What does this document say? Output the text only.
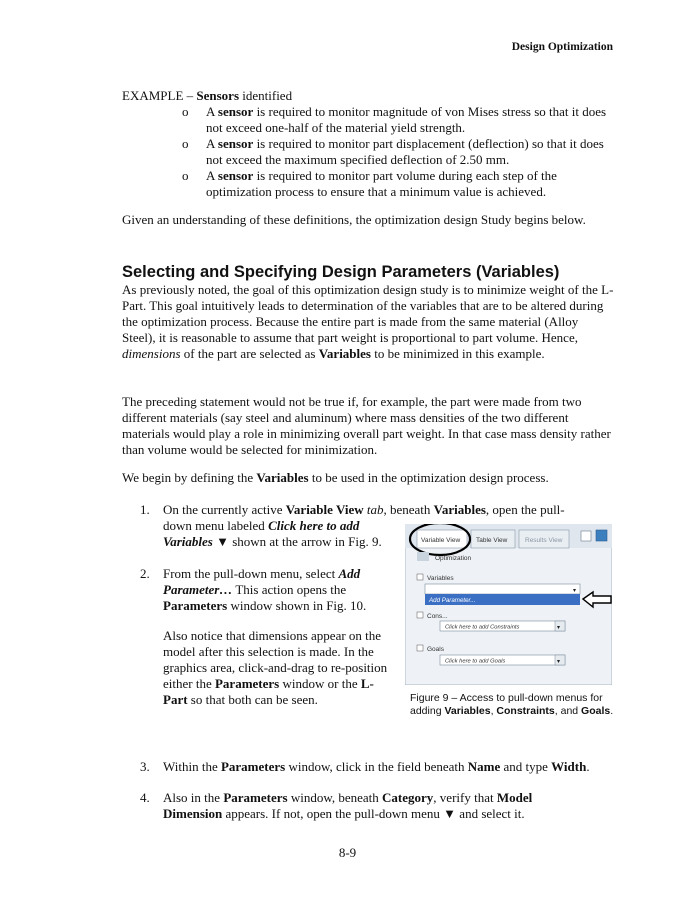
Design Optimization
EXAMPLE – Sensors identified
o A sensor is required to monitor magnitude of von Mises stress so that it does not exceed one-half of the material yield strength.
o A sensor is required to monitor part displacement (deflection) so that it does not exceed the maximum specified deflection of 2.50 mm.
o A sensor is required to monitor part volume during each step of the optimization process to ensure that a minimum value is achieved.
Given an understanding of these definitions, the optimization design Study begins below.
Selecting and Specifying Design Parameters (Variables)
As previously noted, the goal of this optimization design study is to minimize weight of the L-Part. This goal intuitively leads to determination of the variables that are to be altered during the optimization process. Because the entire part is made from the same material (Alloy Steel), it is reasonable to assume that part weight is proportional to part volume. Hence, dimensions of the part are selected as Variables to be minimized in this example.
The preceding statement would not be true if, for example, the part were made from two different materials (say steel and aluminum) where mass densities of the two different materials would play a role in minimizing overall part weight. In that case mass density rather than volume would be selected for minimization.
We begin by defining the Variables to be used in the optimization design process.
1. On the currently active Variable View tab, beneath Variables, open the pull-
down menu labeled Click here to add
Variables ▼ shown at the arrow in Fig. 9.
2. From the pull-down menu, select Add Parameter… This action opens the Parameters window shown in Fig. 10.
Also notice that dimensions appear on the model after this selection is made. In the graphics area, click-and-drag to re-position either the Parameters window or the L-Part so that both can be seen.
Variable View Table View	Results View
Optimization
Variables
▾
Add Parameter...
Cons...
Click here to add Constraints	▾
Goals
Click here to add Goals	▾
Figure 9 – Access to pull-down menus for adding Variables, Constraints, and Goals.
3. Within the Parameters window, click in the field beneath Name and type Width.
4. Also in the Parameters window, beneath Category, verify that Model
Dimension appears. If not, open the pull-down menu ▼ and select it.
8-9
